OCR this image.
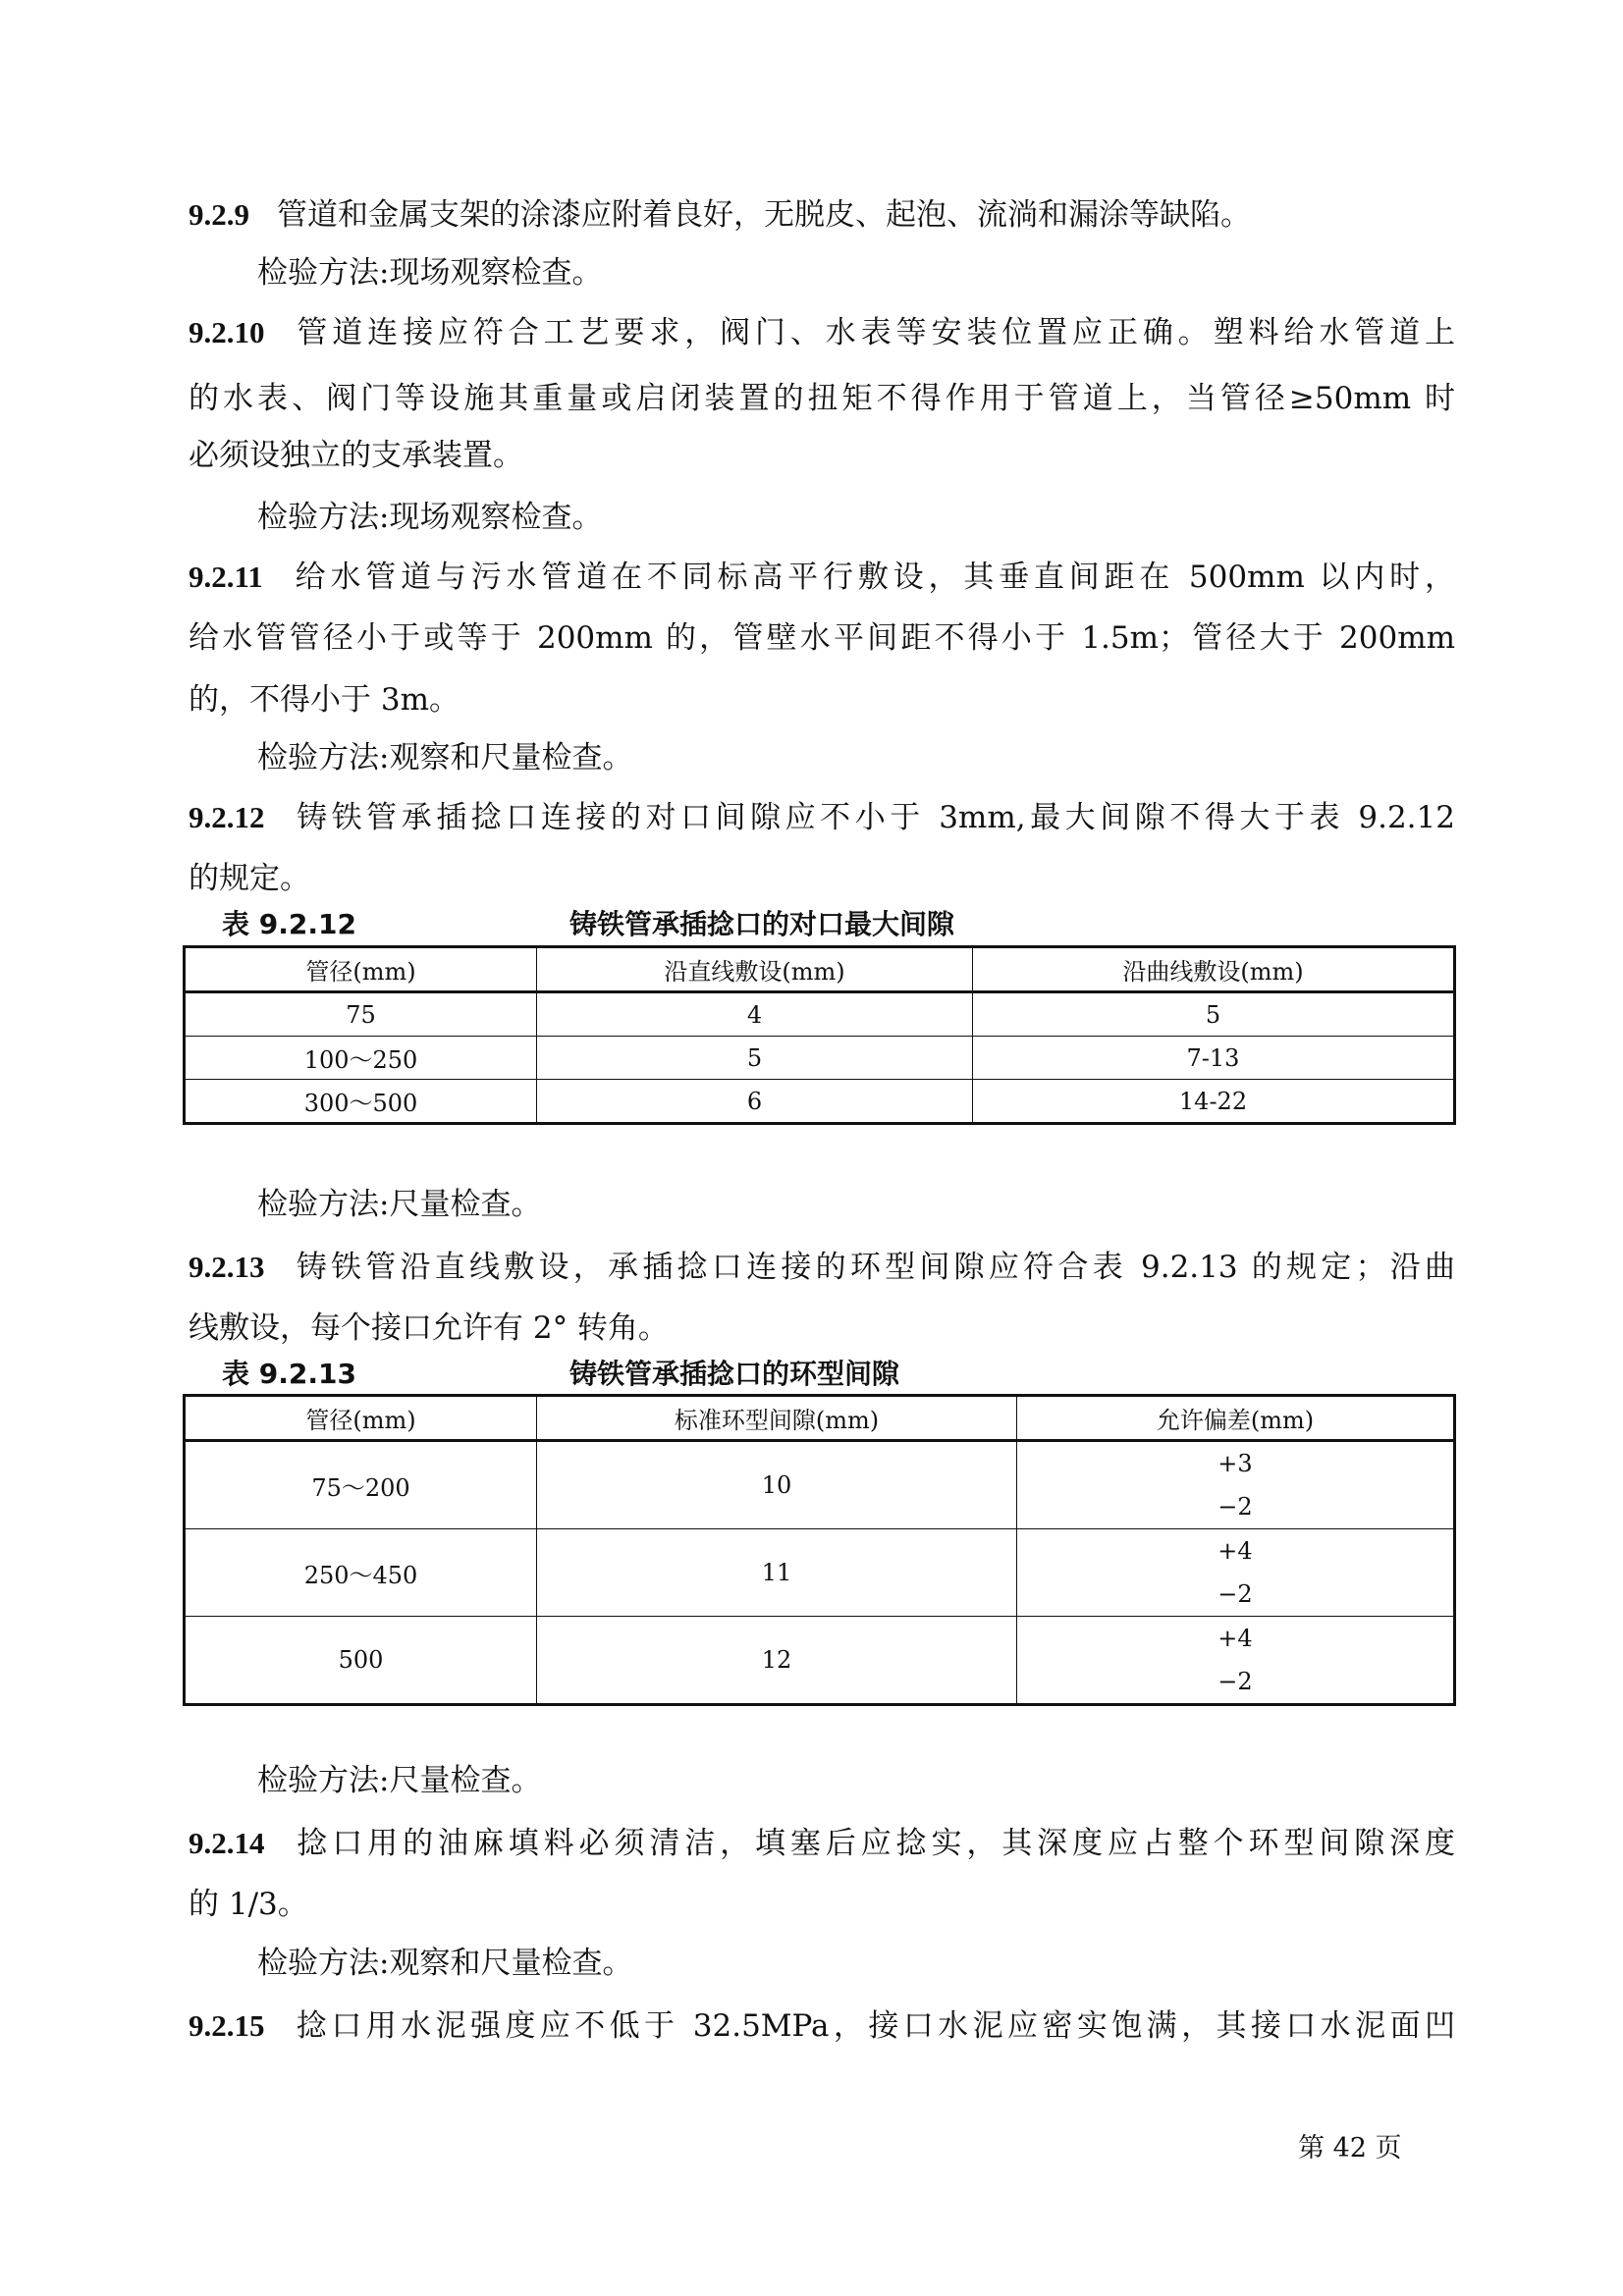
9.2.9 管道和金属支架的涂漆应附着良好，无脱皮、起泡、流淌和漏涂等缺陷。
检验方法:现场观察检查。
9.2.10 管道连接应符合工艺要求，阀门、水表等安装位置应正确。塑料给水管道上
的水表、阀门等设施其重量或启闭装置的扭矩不得作用于管道上，当管径≥50mm 时
必须设独立的支承装置。
检验方法:现场观察检查。
9.2.11 给水管道与污水管道在不同标高平行敷设，其垂直间距在 500mm 以内时，
给水管管径小于或等于 200mm 的，管壁水平间距不得小于 1.5m；管径大于 200mm
的，不得小于 3m。
检验方法:观察和尺量检查。
9.2.12 铸铁管承插捻口连接的对口间隙应不小于 3mm,最大间隙不得大于表 9.2.12
的规定。
表 9.2.12	铸铁管承插捻口的对口最大间隙
管径(mm)	沿直线敷设(mm)	沿曲线敷设(mm)
75	4	5
100～250	5	7-13
300～500	6	14-22
检验方法:尺量检查。
9.2.13 铸铁管沿直线敷设，承插捻口连接的环型间隙应符合表 9.2.13 的规定；沿曲
线敷设，每个接口允许有 2° 转角。
表 9.2.13	铸铁管承插捻口的环型间隙
管径(mm)	标准环型间隙(mm)	允许偏差(mm)
75～200	10	+3
−2

250～450	11	+4
−2

500	12	+4
−2
检验方法:尺量检查。
9.2.14 捻口用的油麻填料必须清洁，填塞后应捻实，其深度应占整个环型间隙深度
的 1/3。
检验方法:观察和尺量检查。
9.2.15 捻口用水泥强度应不低于 32.5MPa，接口水泥应密实饱满，其接口水泥面凹
第 42 页
